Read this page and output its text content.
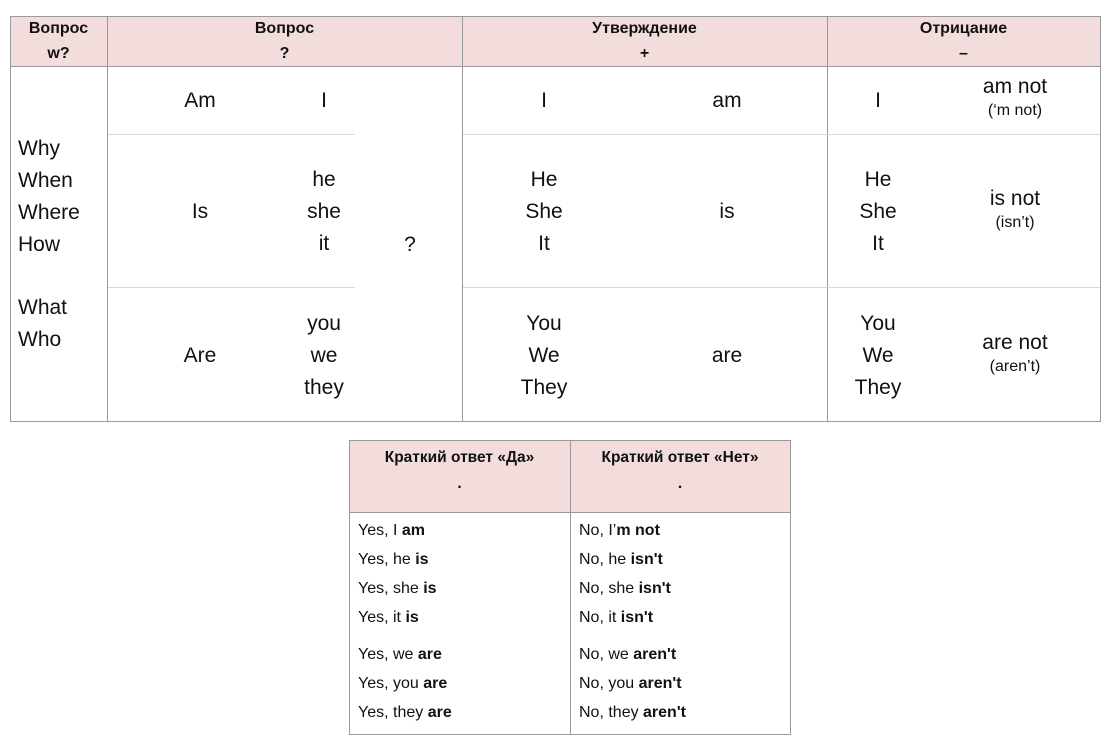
Вопрос
w?
Вопрос
?
Утверждение
+
Отрицание
–
Why
When
Where
How
What
Who
Am
Is
Are
I
he
she
it
you
we
they
?
I
He
She
It
You
We
They
am
is
are
I
He
She
It
You
We
They
am not
(‘m not)
is not
(isn’t)
are not
(aren’t)
Краткий ответ «Да»
.
Краткий ответ «Нет»
.
Yes, I am
Yes, he is
Yes, she is
Yes, it is
Yes, we are
Yes, you are
Yes, they are
No, I’m not
No, he isn't
No, she isn't
No, it isn't
No, we aren't
No, you aren't
No, they aren't
